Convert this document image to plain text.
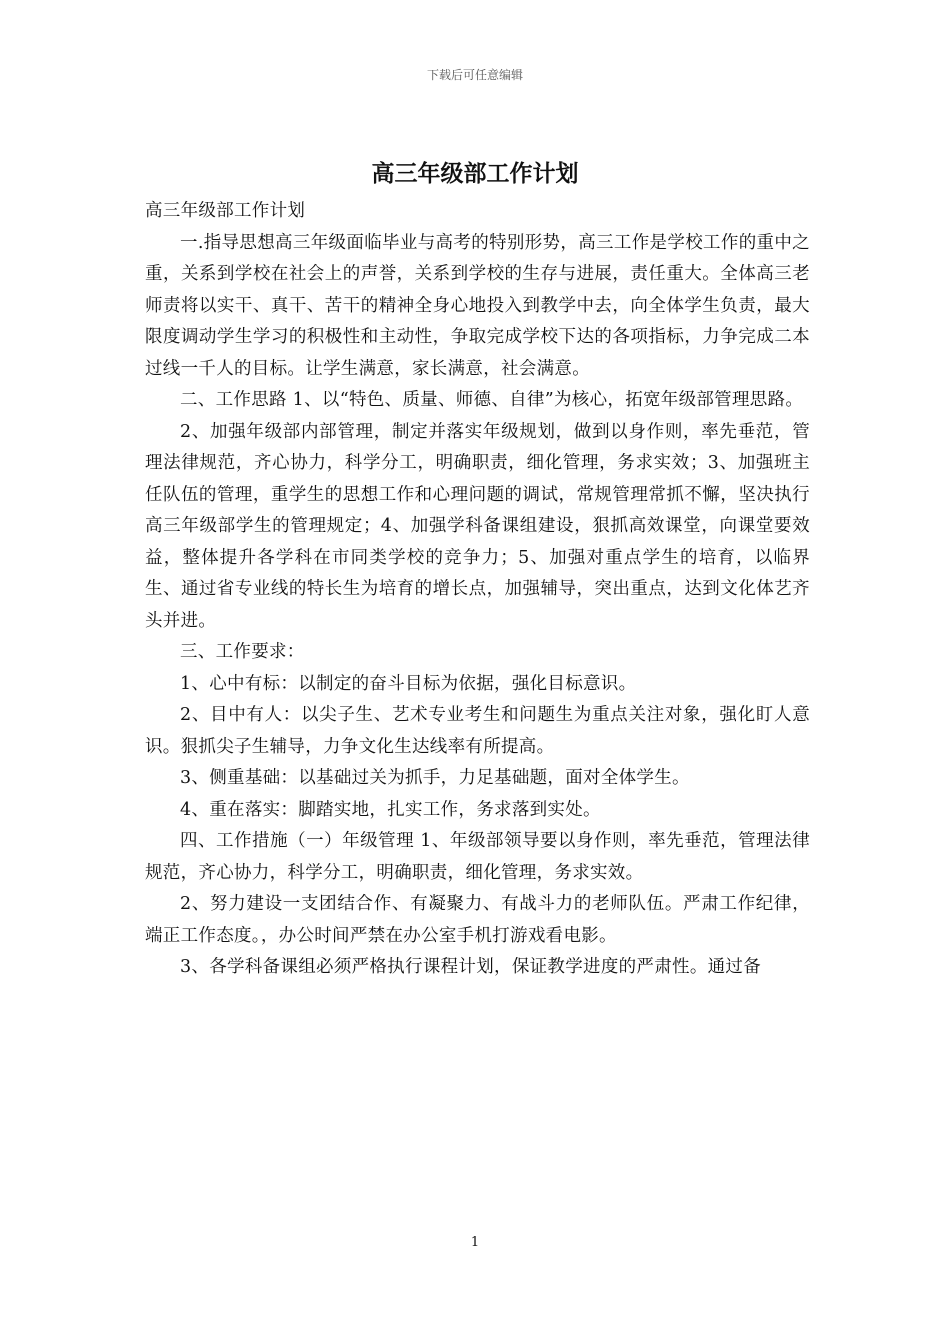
下载后可任意编辑
高三年级部工作计划

高三年级部工作计划

一.指导思想高三年级面临毕业与高考的特别形势，高三工作是学校工作的重中之重，关系到学校在社会上的声誉，关系到学校的生存与进展，责任重大。全体高三老师责将以实干、真干、苦干的精神全身心地投入到教学中去，向全体学生负责，最大限度调动学生学习的积极性和主动性，争取完成学校下达的各项指标，力争完成二本过线一千人的目标。让学生满意，家长满意，社会满意。

二、工作思路 1、以“特色、质量、师德、自律”为核心，拓宽年级部管理思路。

2、加强年级部内部管理，制定并落实年级规划，做到以身作则，率先垂范，管理法律规范，齐心协力，科学分工，明确职责，细化管理，务求实效；3、加强班主任队伍的管理，重学生的思想工作和心理问题的调试，常规管理常抓不懈，坚决执行高三年级部学生的管理规定；4、加强学科备课组建设，狠抓高效课堂，向课堂要效益，整体提升各学科在市同类学校的竞争力；5、加强对重点学生的培育，以临界生、通过省专业线的特长生为培育的增长点，加强辅导，突出重点，达到文化体艺齐头并进。

三、工作要求：

1、心中有标：以制定的奋斗目标为依据，强化目标意识。

2、目中有人：以尖子生、艺术专业考生和问题生为重点关注对象，强化盯人意识。狠抓尖子生辅导，力争文化生达线率有所提高。

3、侧重基础：以基础过关为抓手，力足基础题，面对全体学生。

4、重在落实：脚踏实地，扎实工作，务求落到实处。

四、工作措施（一）年级管理 1、年级部领导要以身作则，率先垂范，管理法律规范，齐心协力，科学分工，明确职责，细化管理，务求实效。

2、努力建设一支团结合作、有凝聚力、有战斗力的老师队伍。严肃工作纪律，端正工作态度。，办公时间严禁在办公室手机打游戏看电影。

3、各学科备课组必须严格执行课程计划，保证教学进度的严肃性。通过备

1
